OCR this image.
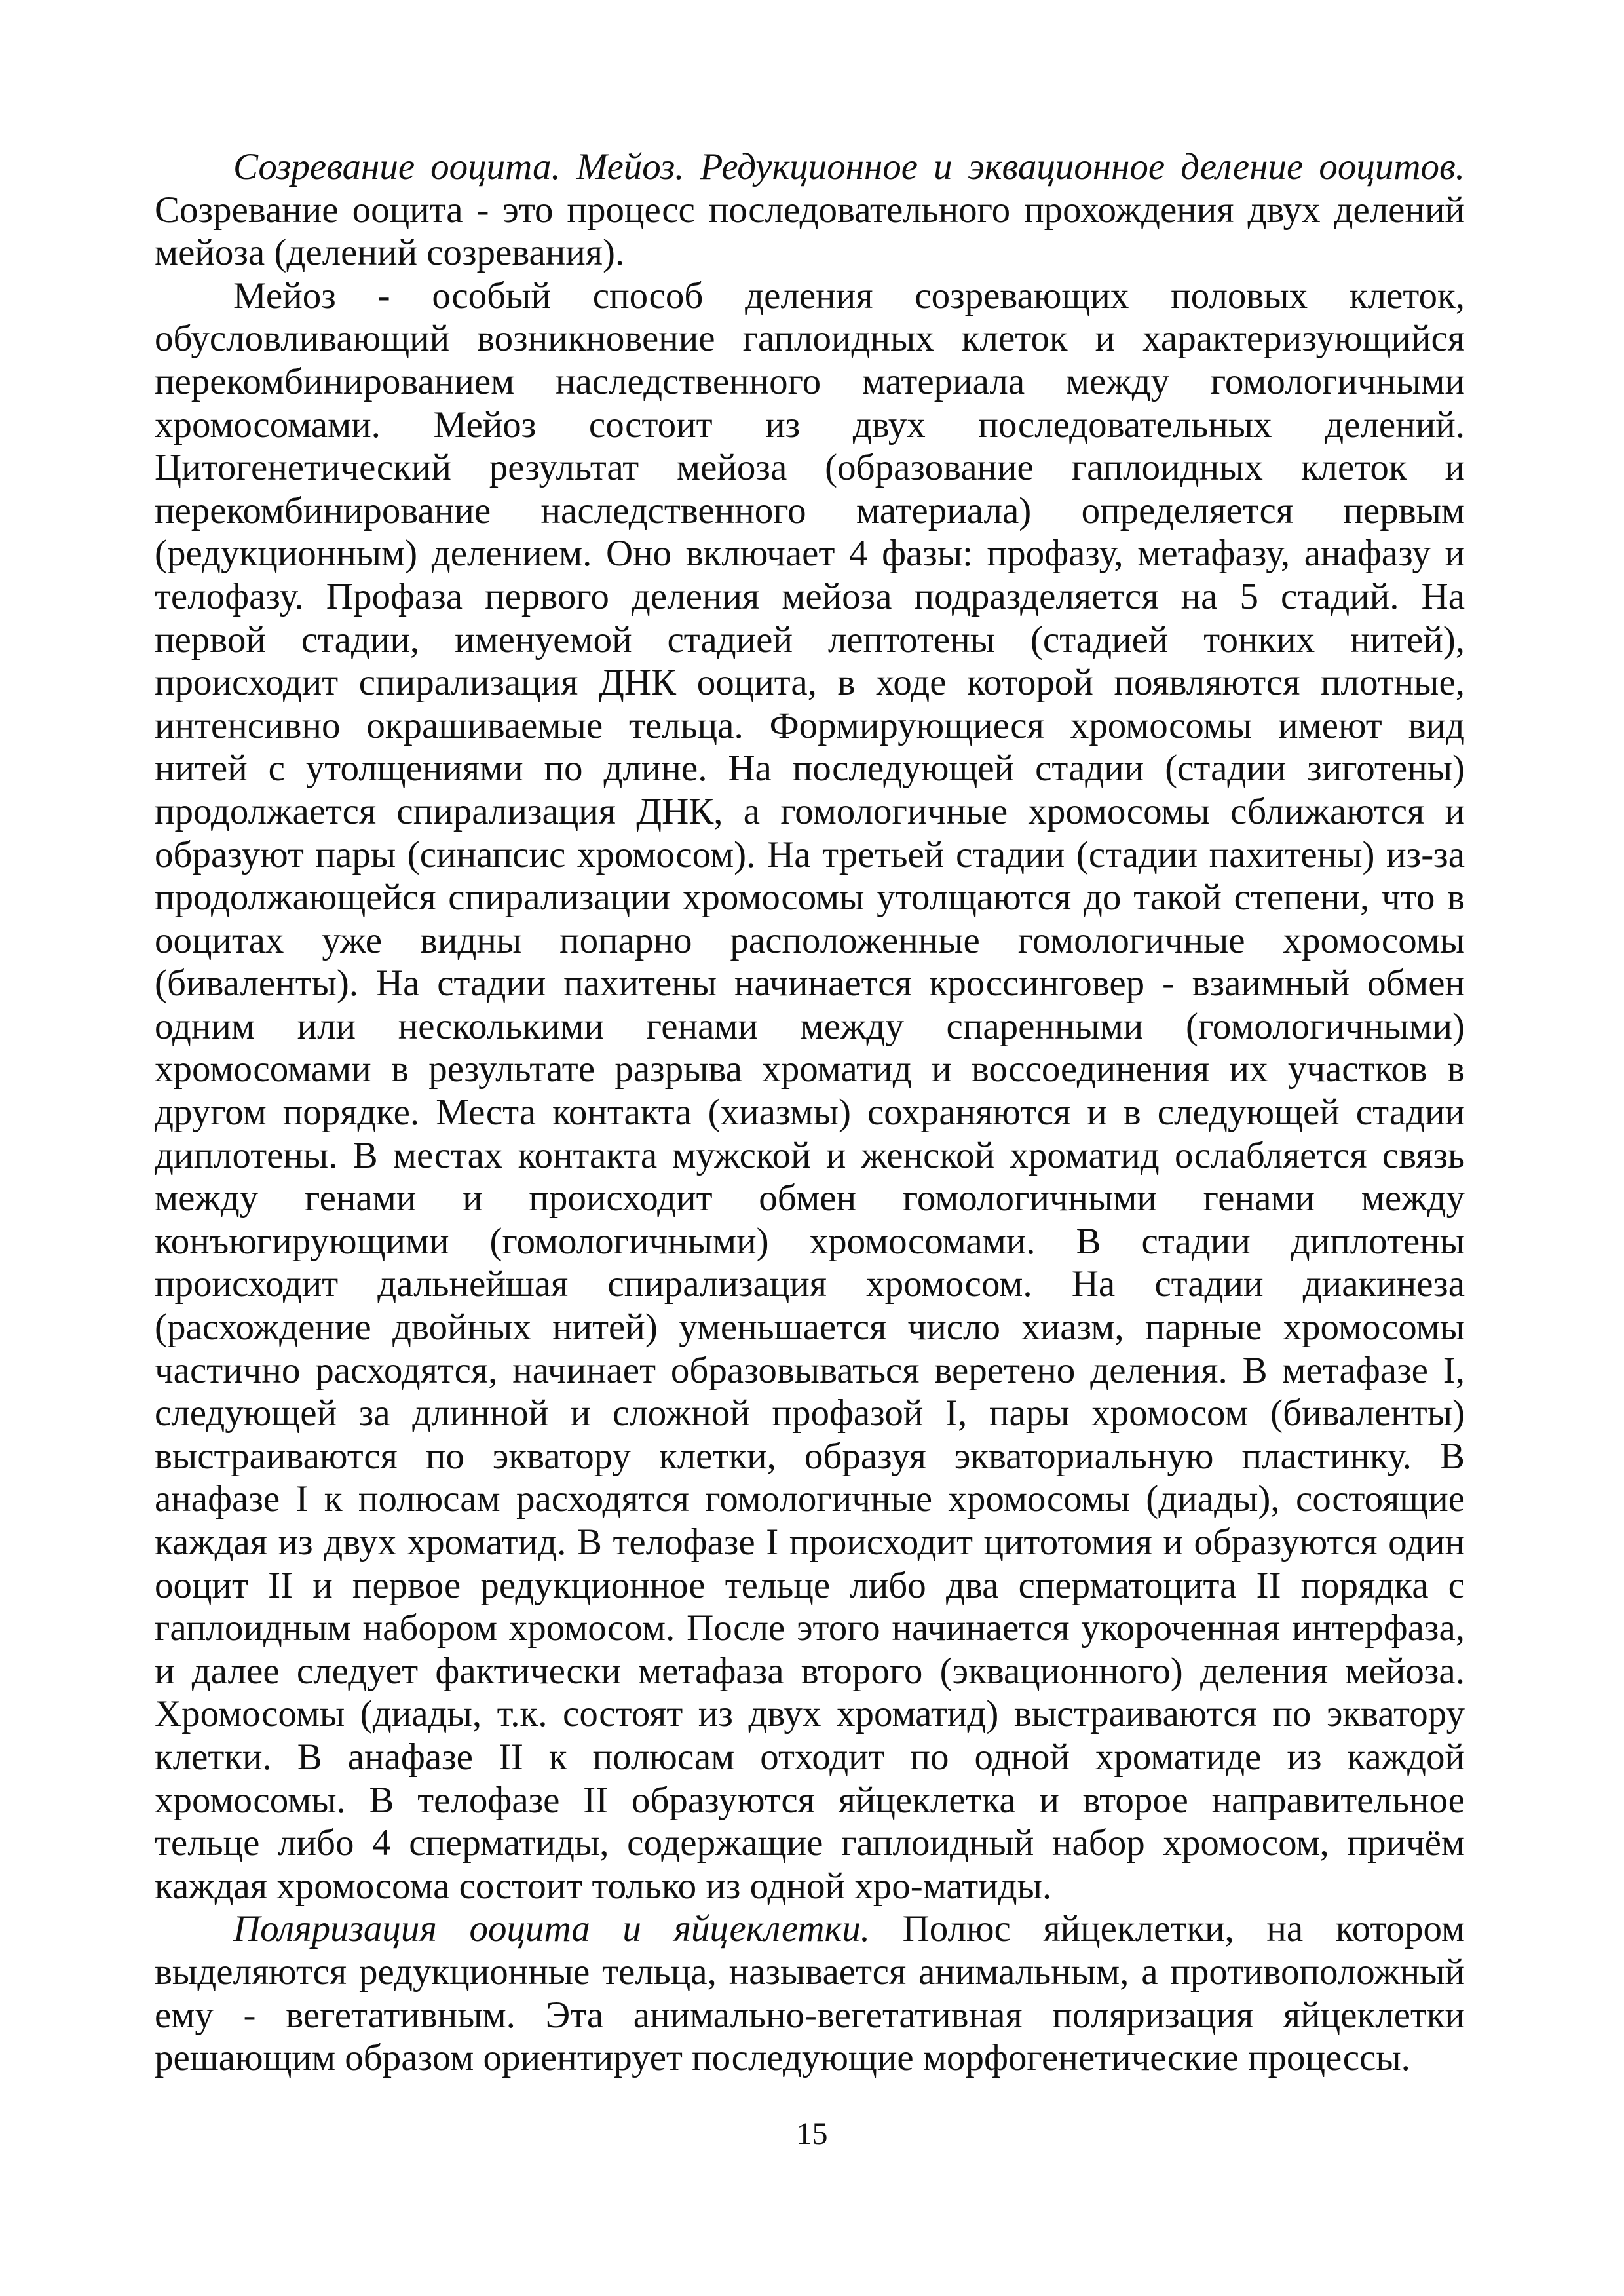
Созревание ооцита. Мейоз. Редукционное и эквационное деление ооцитов. Созревание ооцита - это процесс последовательного прохождения двух делений мейоза (делений созревания).

Мейоз - особый способ деления созревающих половых клеток, обусловливающий возникновение гаплоидных клеток и характеризующийся перекомбинированием наследственного материала между гомологичными хромосомами. Мейоз состоит из двух последовательных делений. Цитогенетический результат мейоза (образование гаплоидных клеток и перекомбинирование наследственного материала) определяется первым (редукционным) делением. Оно включает 4 фазы: профазу, метафазу, анафазу и телофазу. Профаза первого деления мейоза подразделяется на 5 стадий. На первой стадии, именуемой стадией лептотены (стадией тонких нитей), происходит спирализация ДНК ооцита, в ходе которой появляются плотные, интенсивно окрашиваемые тельца. Формирующиеся хромосомы имеют вид нитей с утолщениями по длине. На последующей стадии (стадии зиготены) продолжается спирализация ДНК, а гомологичные хромосомы сближаются и образуют пары (синапсис хромосом). На третьей стадии (стадии пахитены) из-за продолжающейся спирализации хромосомы утолщаются до такой степени, что в ооцитах уже видны попарно расположенные гомологичные хромосомы (биваленты). На стадии пахитены начинается кроссинговер - взаимный обмен одним или несколькими генами между спаренными (гомологичными) хромосомами в результате разрыва хроматид и воссоединения их участков в другом порядке. Места контакта (хиазмы) сохраняются и в следующей стадии диплотены. В местах контакта мужской и женской хроматид ослабляется связь между генами и происходит обмен гомологичными генами между конъюгирующими (гомологичными) хромосомами. В стадии диплотены происходит дальнейшая спирализация хромосом. На стадии диакинеза (расхождение двойных нитей) уменьшается число хиазм, парные хромосомы частично расходятся, начинает образовываться веретено деления. В метафазе I, следующей за длинной и сложной профазой I, пары хромосом (биваленты) выстраиваются по экватору клетки, образуя экваториальную пластинку. В анафазе I к полюсам расходятся гомологичные хромосомы (диады), состоящие каждая из двух хроматид. В телофазе I происходит цитотомия и образуются один ооцит II и первое редукционное тельце либо два сперматоцита II порядка с гаплоидным набором хромосом. После этого начинается укороченная интерфаза, и далее следует фактически метафаза второго (эквационного) деления мейоза. Хромосомы (диады, т.к. состоят из двух хроматид) выстраиваются по экватору клетки. В анафазе II к полюсам отходит по одной хроматиде из каждой хромосомы. В телофазе II образуются яйцеклетка и второе направительное тельце либо 4 сперматиды, содержащие гаплоидный набор хромосом, причём каждая хромосома состоит только из одной хро-матиды.

Поляризация ооцита и яйцеклетки. Полюс яйцеклетки, на котором выделяются редукционные тельца, называется анимальным, а противоположный ему - вегетативным. Эта анимально-вегетативная поляризация яйцеклетки решающим образом ориентирует последующие морфогенетические процессы.

15
